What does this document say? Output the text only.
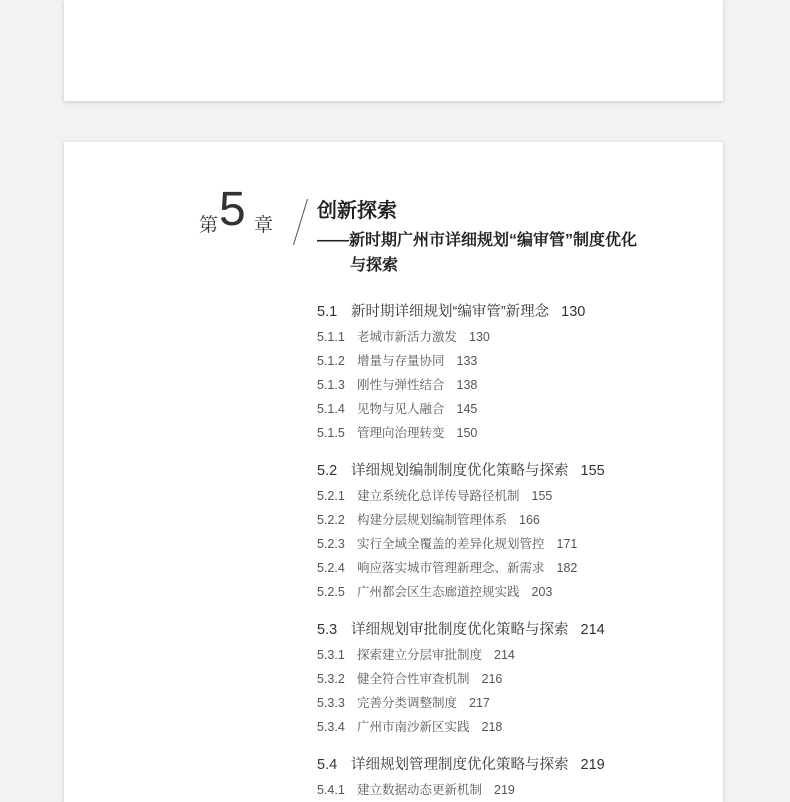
第 5 章
创新探索
——新时期广州市详细规划“编审管”制度优化
与探索
5.1 新时期详细规划“编审管”新理念 130
5.1.1 老城市新活力激发 130
5.1.2 增量与存量协同 133
5.1.3 刚性与弹性结合 138
5.1.4 见物与见人融合 145
5.1.5 管理向治理转变 150
5.2 详细规划编制制度优化策略与探索 155
5.2.1 建立系统化总详传导路径机制 155
5.2.2 构建分层规划编制管理体系 166
5.2.3 实行全域全覆盖的差异化规划管控 171
5.2.4 响应落实城市管理新理念、新需求 182
5.2.5 广州都会区生态廊道控规实践 203
5.3 详细规划审批制度优化策略与探索 214
5.3.1 探索建立分层审批制度 214
5.3.2 健全符合性审查机制 216
5.3.3 完善分类调整制度 217
5.3.4 广州市南沙新区实践 218
5.4 详细规划管理制度优化策略与探索 219
5.4.1 建立数据动态更新机制 219
